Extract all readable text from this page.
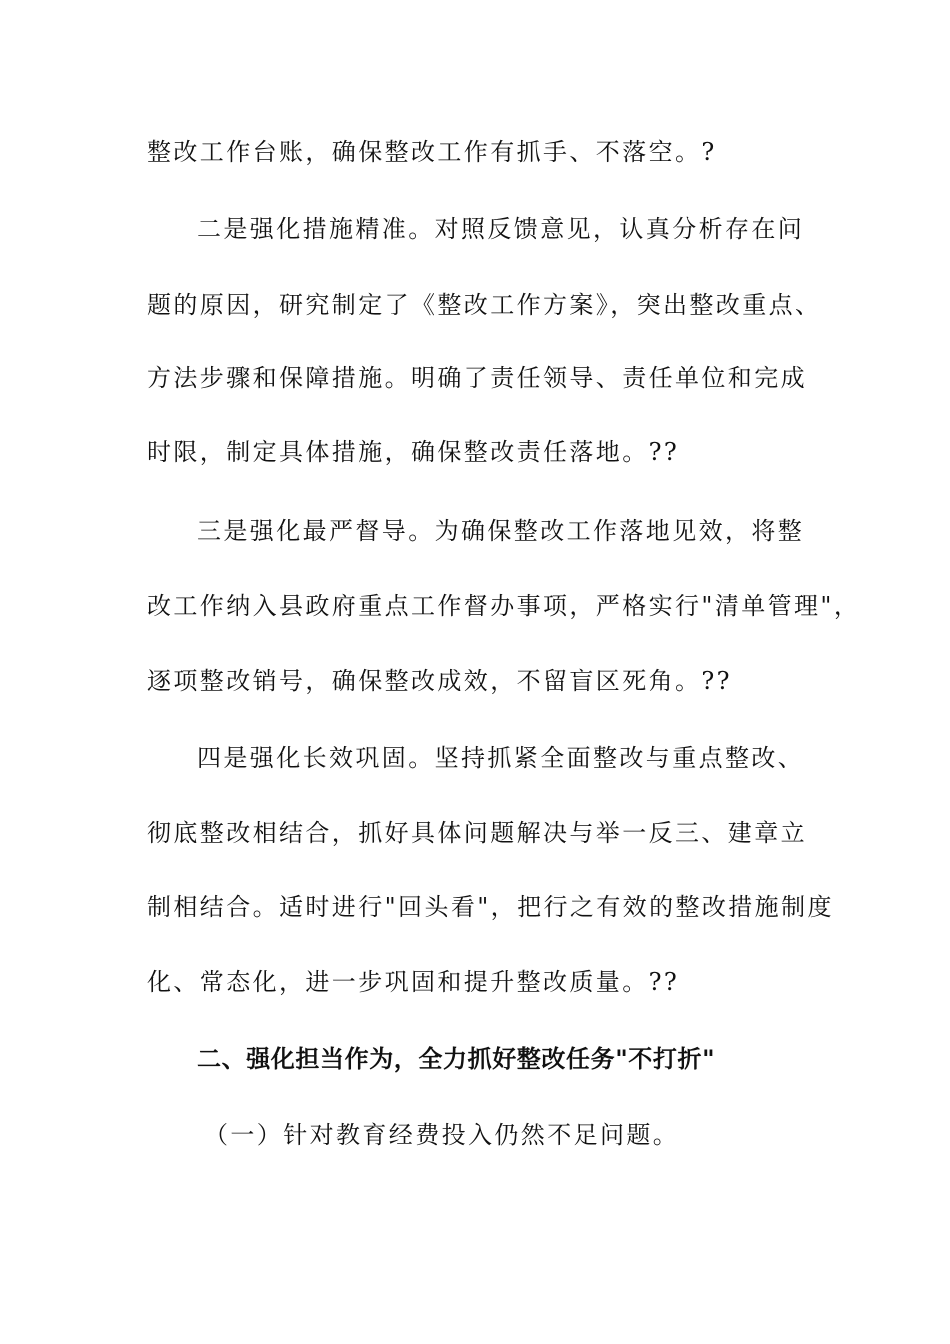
整改工作台账，确保整改工作有抓手、不落空。?
二是强化措施精准。对照反馈意见，认真分析存在问
题的原因，研究制定了《整改工作方案》，突出整改重点、
方法步骤和保障措施。明确了责任领导、责任单位和完成
时限，制定具体措施，确保整改责任落地。??
三是强化最严督导。为确保整改工作落地见效，将整
改工作纳入县政府重点工作督办事项，严格实行"清单管理"，
逐项整改销号，确保整改成效，不留盲区死角。??
四是强化长效巩固。坚持抓紧全面整改与重点整改、
彻底整改相结合，抓好具体问题解决与举一反三、建章立
制相结合。适时进行"回头看"，把行之有效的整改措施制度
化、常态化，进一步巩固和提升整改质量。??
二、强化担当作为，全力抓好整改任务"不打折"
（一）针对教育经费投入仍然不足问题。
